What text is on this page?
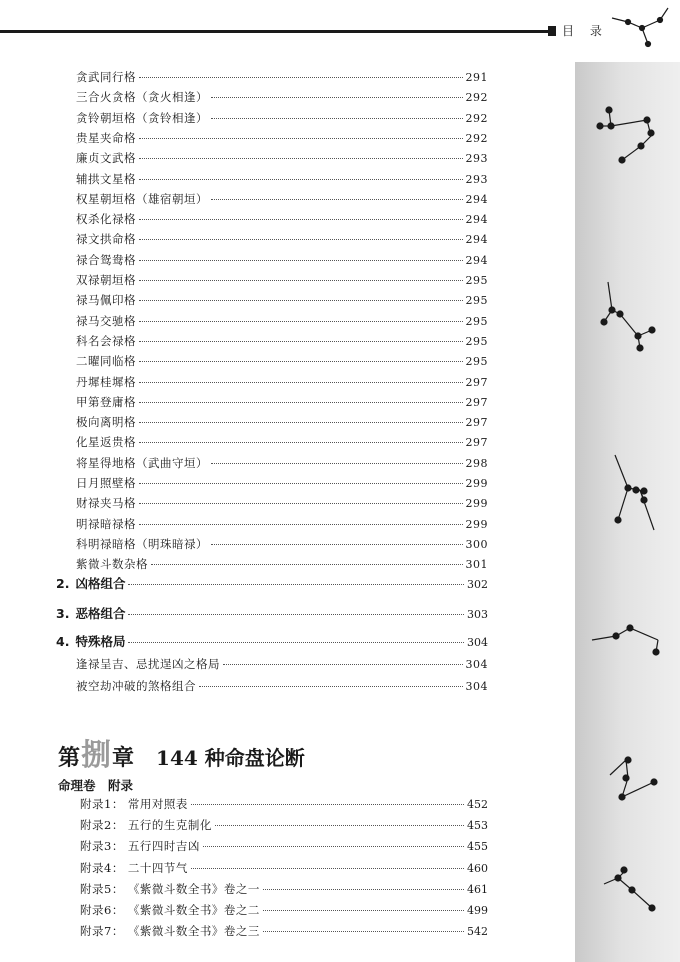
目 录
贪武同行格	291
三合火贪格（贪火相逢）	292
贪铃朝垣格（贪铃相逢）	292
贵星夹命格	292
廉贞文武格	293
辅拱文星格	293
权星朝垣格（雄宿朝垣）	294
权杀化禄格	294
禄文拱命格	294
禄合鸳鸯格	294
双禄朝垣格	295
禄马佩印格	295
禄马交驰格	295
科名会禄格	295
二曜同临格	295
丹墀桂墀格	297
甲第登庸格	297
极向离明格	297
化星返贵格	297
将星得地格（武曲守垣）	298
日月照壁格	299
财禄夹马格	299
明禄暗禄格	299
科明禄暗格（明珠暗禄）	300
紫微斗数杂格	301
2. 凶格组合	302
3. 恶格组合	303
4. 特殊格局	304
逢禄呈吉、忌扰逞凶之格局	304
被空劫冲破的煞格组合	304
第 捌 章 144 种命盘论断
命理卷　附录
附录1： 常用对照表	452
附录2： 五行的生克制化	453
附录3： 五行四时吉凶	455
附录4： 二十四节气	460
附录5： 《紫微斗数全书》卷之一	461
附录6： 《紫微斗数全书》卷之二	499
附录7： 《紫微斗数全书》卷之三	542
